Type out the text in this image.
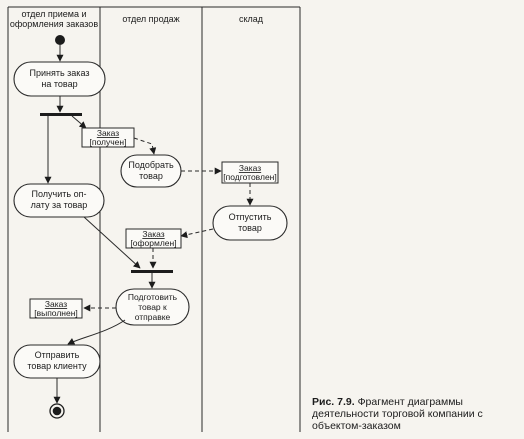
отдел приема и
оформления заказов	отдел продаж	склад
Принять заказ
на товар
Заказ
[получен]
Подобрать
товар
Заказ
[подготовлен]
Отпустить
товар
Заказ
[оформлен]
Получить оп-
лату за товар
Подготовить
товар к
отправке
Заказ
[выполнен]
Отправить
товар клиенту
Рис. 7.9. Фрагмент диаграммы деятельности торговой компании с объектом-заказом
